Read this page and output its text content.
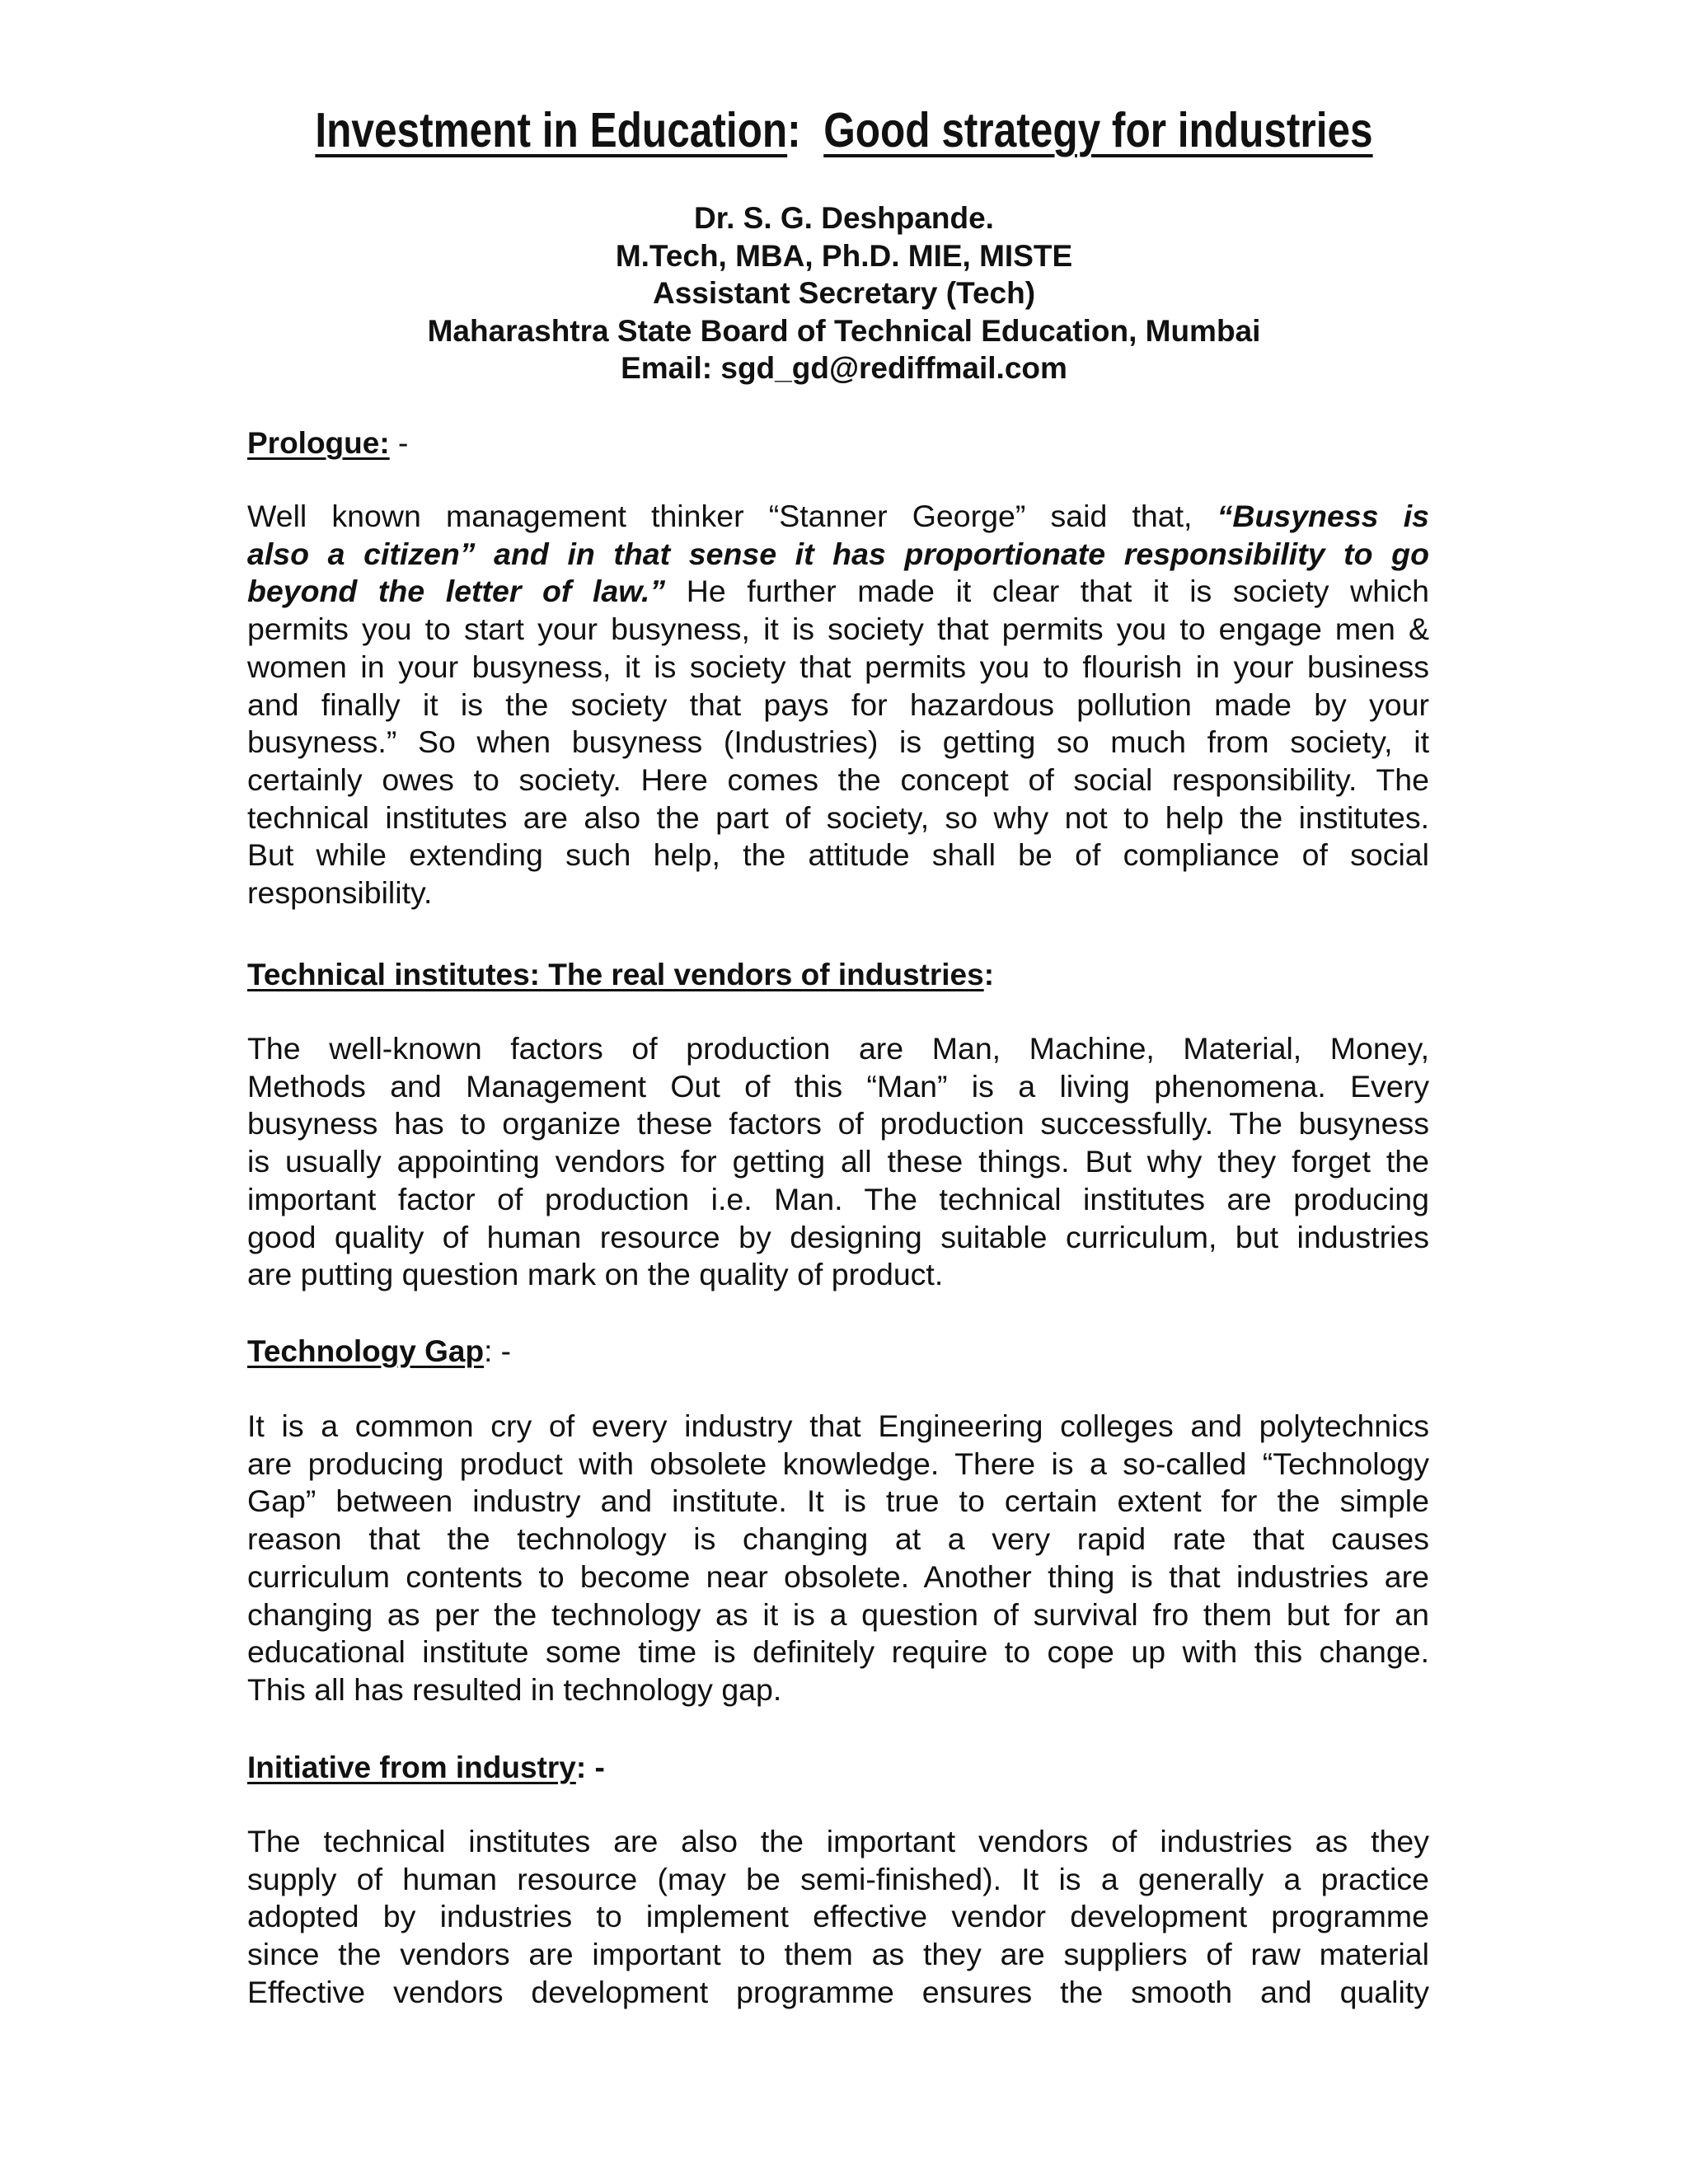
Investment in Education: Good strategy for industries
Dr. S. G. Deshpande.
M.Tech, MBA, Ph.D. MIE, MISTE
Assistant Secretary (Tech)
Maharashtra State Board of Technical Education, Mumbai
Email: sgd_gd@rediffmail.com
Prologue: -
Well known management thinker “Stanner George” said that, “Busyness is
also a citizen” and in that sense it has proportionate responsibility to go
beyond the letter of law.” He further made it clear that it is society which
permits you to start your busyness, it is society that permits you to engage men &
women in your busyness, it is society that permits you to flourish in your business
and finally it is the society that pays for hazardous pollution made by your
busyness.” So when busyness (Industries) is getting so much from society, it
certainly owes to society. Here comes the concept of social responsibility. The
technical institutes are also the part of society, so why not to help the institutes.
But while extending such help, the attitude shall be of compliance of social
responsibility.
Technical institutes: The real vendors of industries:
The well-known factors of production are Man, Machine, Material, Money,
Methods and Management Out of this “Man” is a living phenomena. Every
busyness has to organize these factors of production successfully. The busyness
is usually appointing vendors for getting all these things. But why they forget the
important factor of production i.e. Man. The technical institutes are producing
good quality of human resource by designing suitable curriculum, but industries
are putting question mark on the quality of product.
Technology Gap: -
It is a common cry of every industry that Engineering colleges and polytechnics
are producing product with obsolete knowledge. There is a so-called “Technology
Gap” between industry and institute. It is true to certain extent for the simple
reason that the technology is changing at a very rapid rate that causes
curriculum contents to become near obsolete. Another thing is that industries are
changing as per the technology as it is a question of survival fro them but for an
educational institute some time is definitely require to cope up with this change.
This all has resulted in technology gap.
Initiative from industry: -
The technical institutes are also the important vendors of industries as they
supply of human resource (may be semi-finished). It is a generally a practice
adopted by industries to implement effective vendor development programme
since the vendors are important to them as they are suppliers of raw material
Effective vendors development programme ensures the smooth and quality
